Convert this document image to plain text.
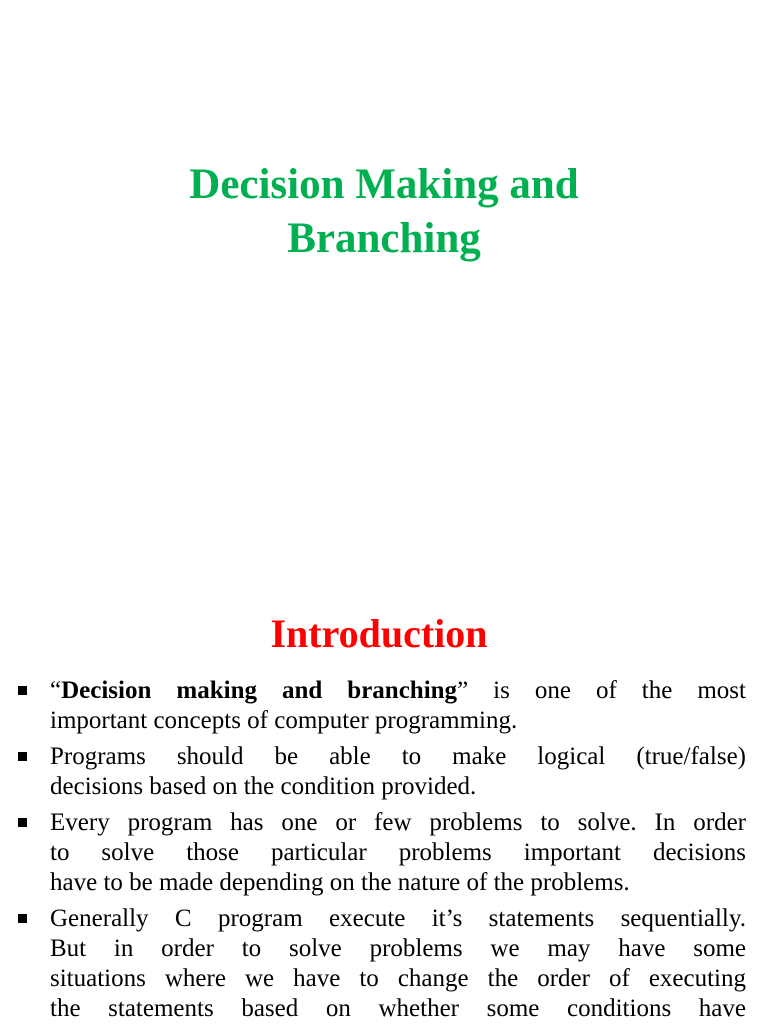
Decision Making and
Branching
Introduction
“Decision making and branching” is one of the most
important concepts of computer programming.
Programs should be able to make logical (true/false)
decisions based on the condition provided.
Every program has one or few problems to solve. In order
to solve those particular problems important decisions
have to be made depending on the nature of the problems.
Generally C program execute it’s statements sequentially.
But in order to solve problems we may have some
situations where we have to change the order of executing
the statements based on whether some conditions have
